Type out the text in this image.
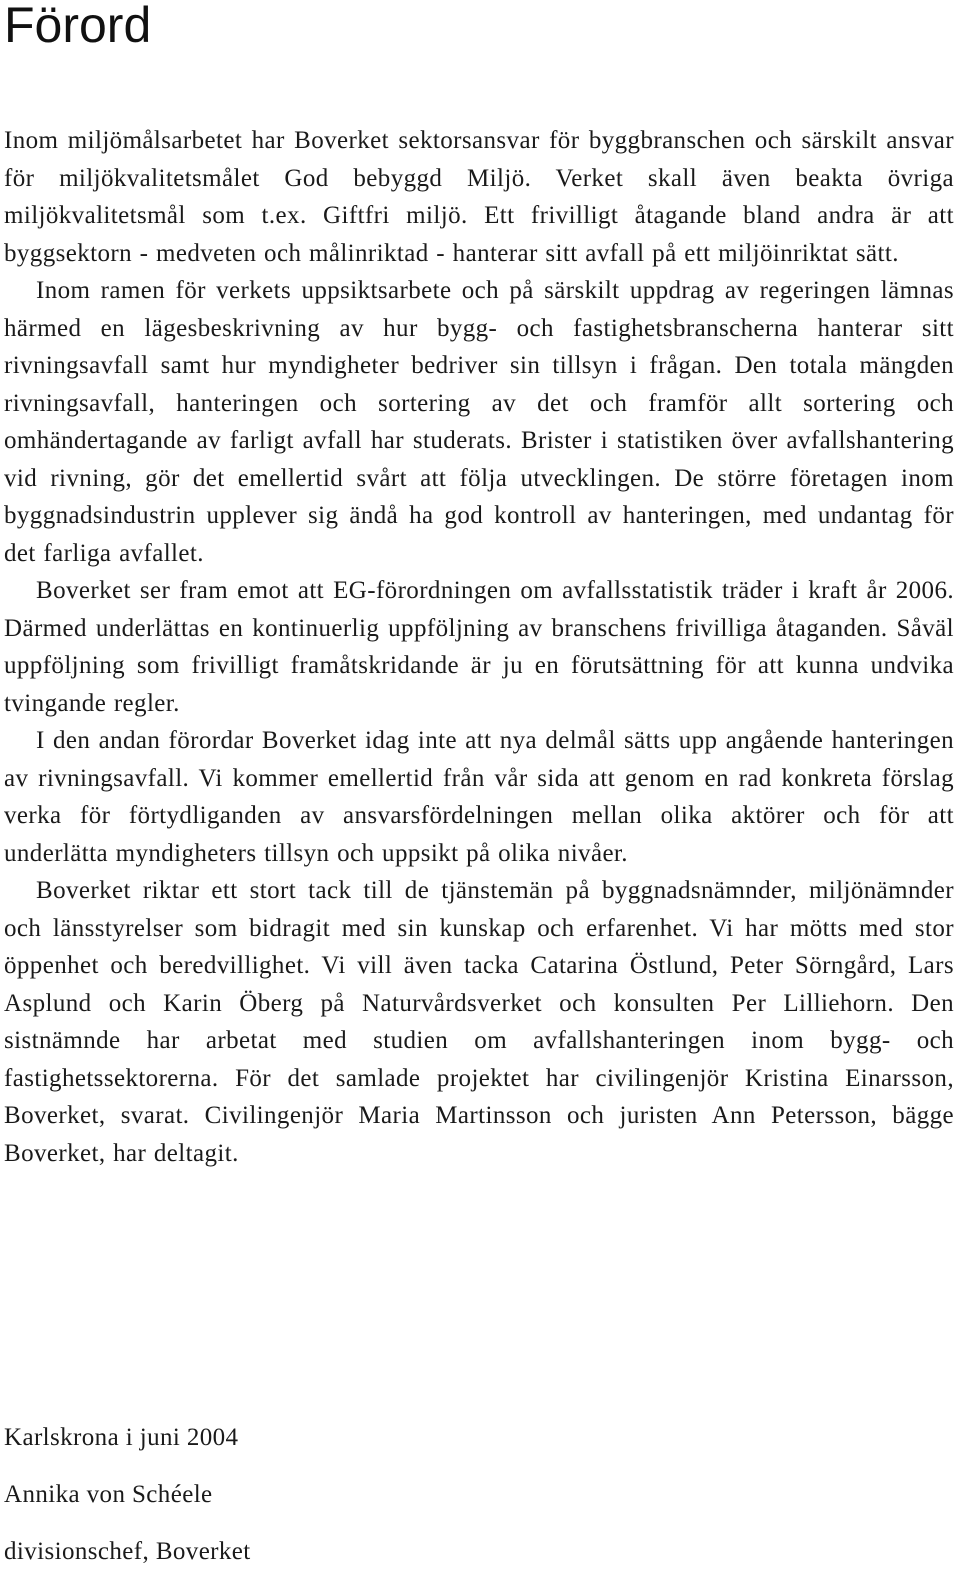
Förord

Inom miljömålsarbetet har Boverket sektorsansvar för byggbranschen och särskilt ansvar för miljökvalitetsmålet God bebyggd Miljö. Verket skall även beakta övriga miljökvalitetsmål som t.ex. Giftfri miljö. Ett frivilligt åtagande bland andra är att byggsektorn - medveten och målinriktad - hanterar sitt avfall på ett miljöinriktat sätt.

Inom ramen för verkets uppsiktsarbete och på särskilt uppdrag av regeringen lämnas härmed en lägesbeskrivning av hur bygg- och fastighetsbranscherna hanterar sitt rivningsavfall samt hur myndigheter bedriver sin tillsyn i frågan. Den totala mängden rivningsavfall, hanteringen och sortering av det och framför allt sortering och omhändertagande av farligt avfall har studerats. Brister i statistiken över avfallshantering vid rivning, gör det emellertid svårt att följa utvecklingen. De större företagen inom byggnadsindustrin upplever sig ändå ha god kontroll av hanteringen, med undantag för det farliga avfallet.

Boverket ser fram emot att EG-förordningen om avfallsstatistik träder i kraft år 2006. Därmed underlättas en kontinuerlig uppföljning av branschens frivilliga åtaganden. Såväl uppföljning som frivilligt framåtskridande är ju en förutsättning för att kunna undvika tvingande regler.

I den andan förordar Boverket idag inte att nya delmål sätts upp angående hanteringen av rivningsavfall. Vi kommer emellertid från vår sida att genom en rad konkreta förslag verka för förtydliganden av ansvarsfördelningen mellan olika aktörer och för att underlätta myndigheters tillsyn och uppsikt på olika nivåer.

Boverket riktar ett stort tack till de tjänstemän på byggnadsnämnder, miljönämnder och länsstyrelser som bidragit med sin kunskap och erfarenhet. Vi har mötts med stor öppenhet och beredvillighet. Vi vill även tacka Catarina Östlund, Peter Sörngård, Lars Asplund och Karin Öberg på Naturvårdsverket och konsulten Per Lilliehorn. Den sistnämnde har arbetat med studien om avfallshanteringen inom bygg- och fastighetssektorerna. För det samlade projektet har civilingenjör Kristina Einarsson, Boverket, svarat. Civilingenjör Maria Martinsson och juristen Ann Petersson, bägge Boverket, har deltagit.

Karlskrona i juni 2004

Annika von Schéele

divisionschef, Boverket
